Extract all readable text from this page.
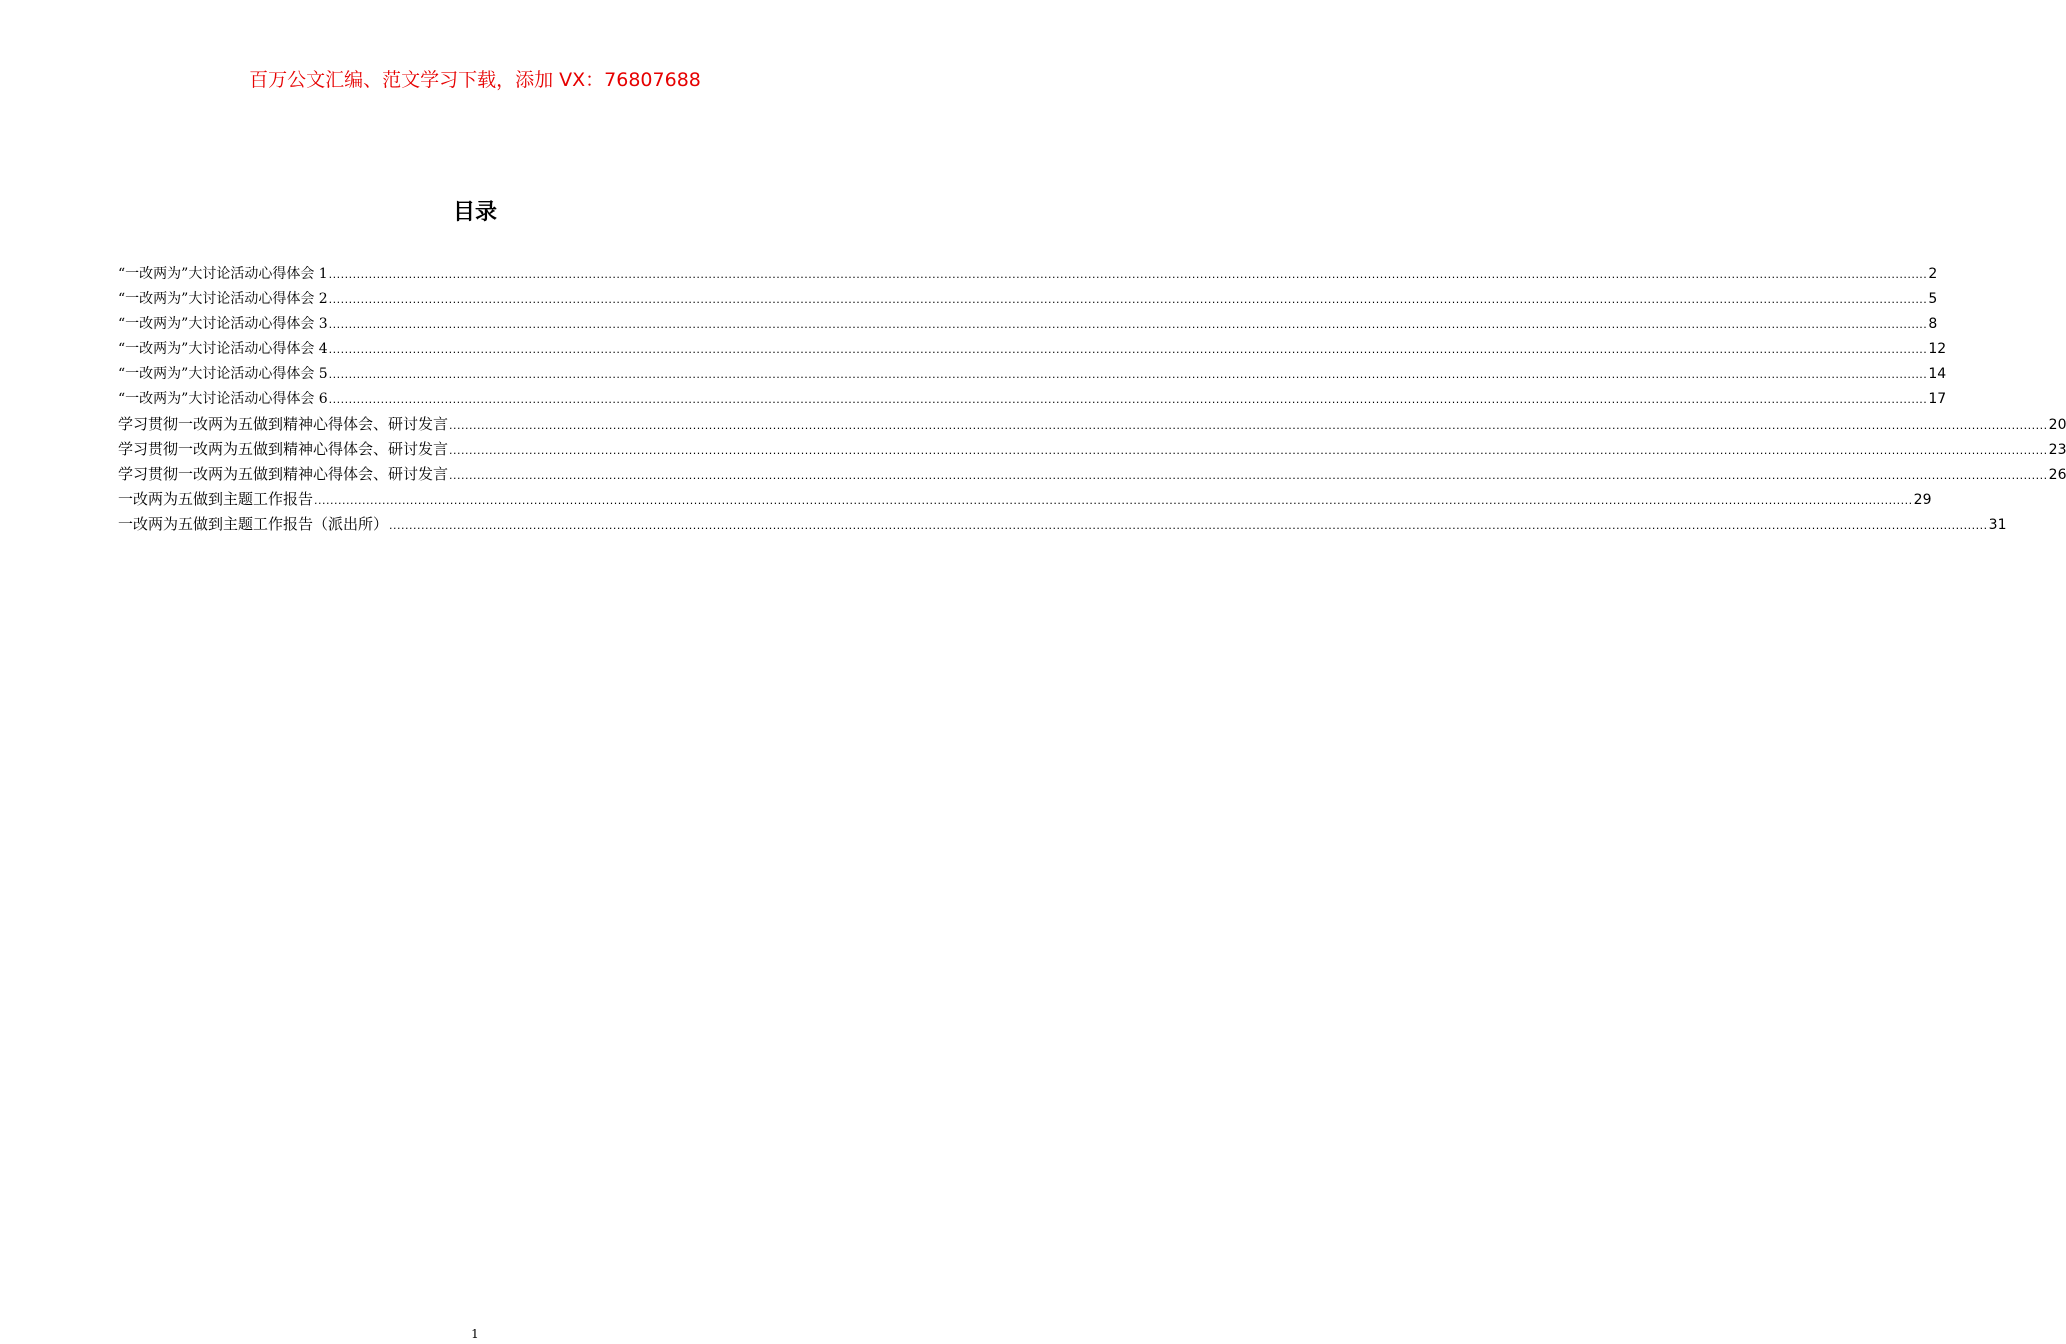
百万公文汇编、范文学习下载，添加 VX：76807688
目录
“一改两为”大讨论活动心得体会 1 ................................................................................................................................................................................................................................................................................................................................................................................................................ 2
“一改两为”大讨论活动心得体会 2 ................................................................................................................................................................................................................................................................................................................................................................................................................ 5
“一改两为”大讨论活动心得体会 3 ................................................................................................................................................................................................................................................................................................................................................................................................................ 8
“一改两为”大讨论活动心得体会 4 ................................................................................................................................................................................................................................................................................................................................................................................................................ 12
“一改两为”大讨论活动心得体会 5 ................................................................................................................................................................................................................................................................................................................................................................................................................ 14
“一改两为”大讨论活动心得体会 6 ................................................................................................................................................................................................................................................................................................................................................................................................................ 17
学习贯彻一改两为五做到精神心得体会、研讨发言 ................................................................................................................................................................................................................................................................................................................................................................................................................ 20
学习贯彻一改两为五做到精神心得体会、研讨发言 ................................................................................................................................................................................................................................................................................................................................................................................................................ 23
学习贯彻一改两为五做到精神心得体会、研讨发言 ................................................................................................................................................................................................................................................................................................................................................................................................................ 26
一改两为五做到主题工作报告 ................................................................................................................................................................................................................................................................................................................................................................................................................ 29
一改两为五做到主题工作报告（派出所） ................................................................................................................................................................................................................................................................................................................................................................................................................ 31
1
